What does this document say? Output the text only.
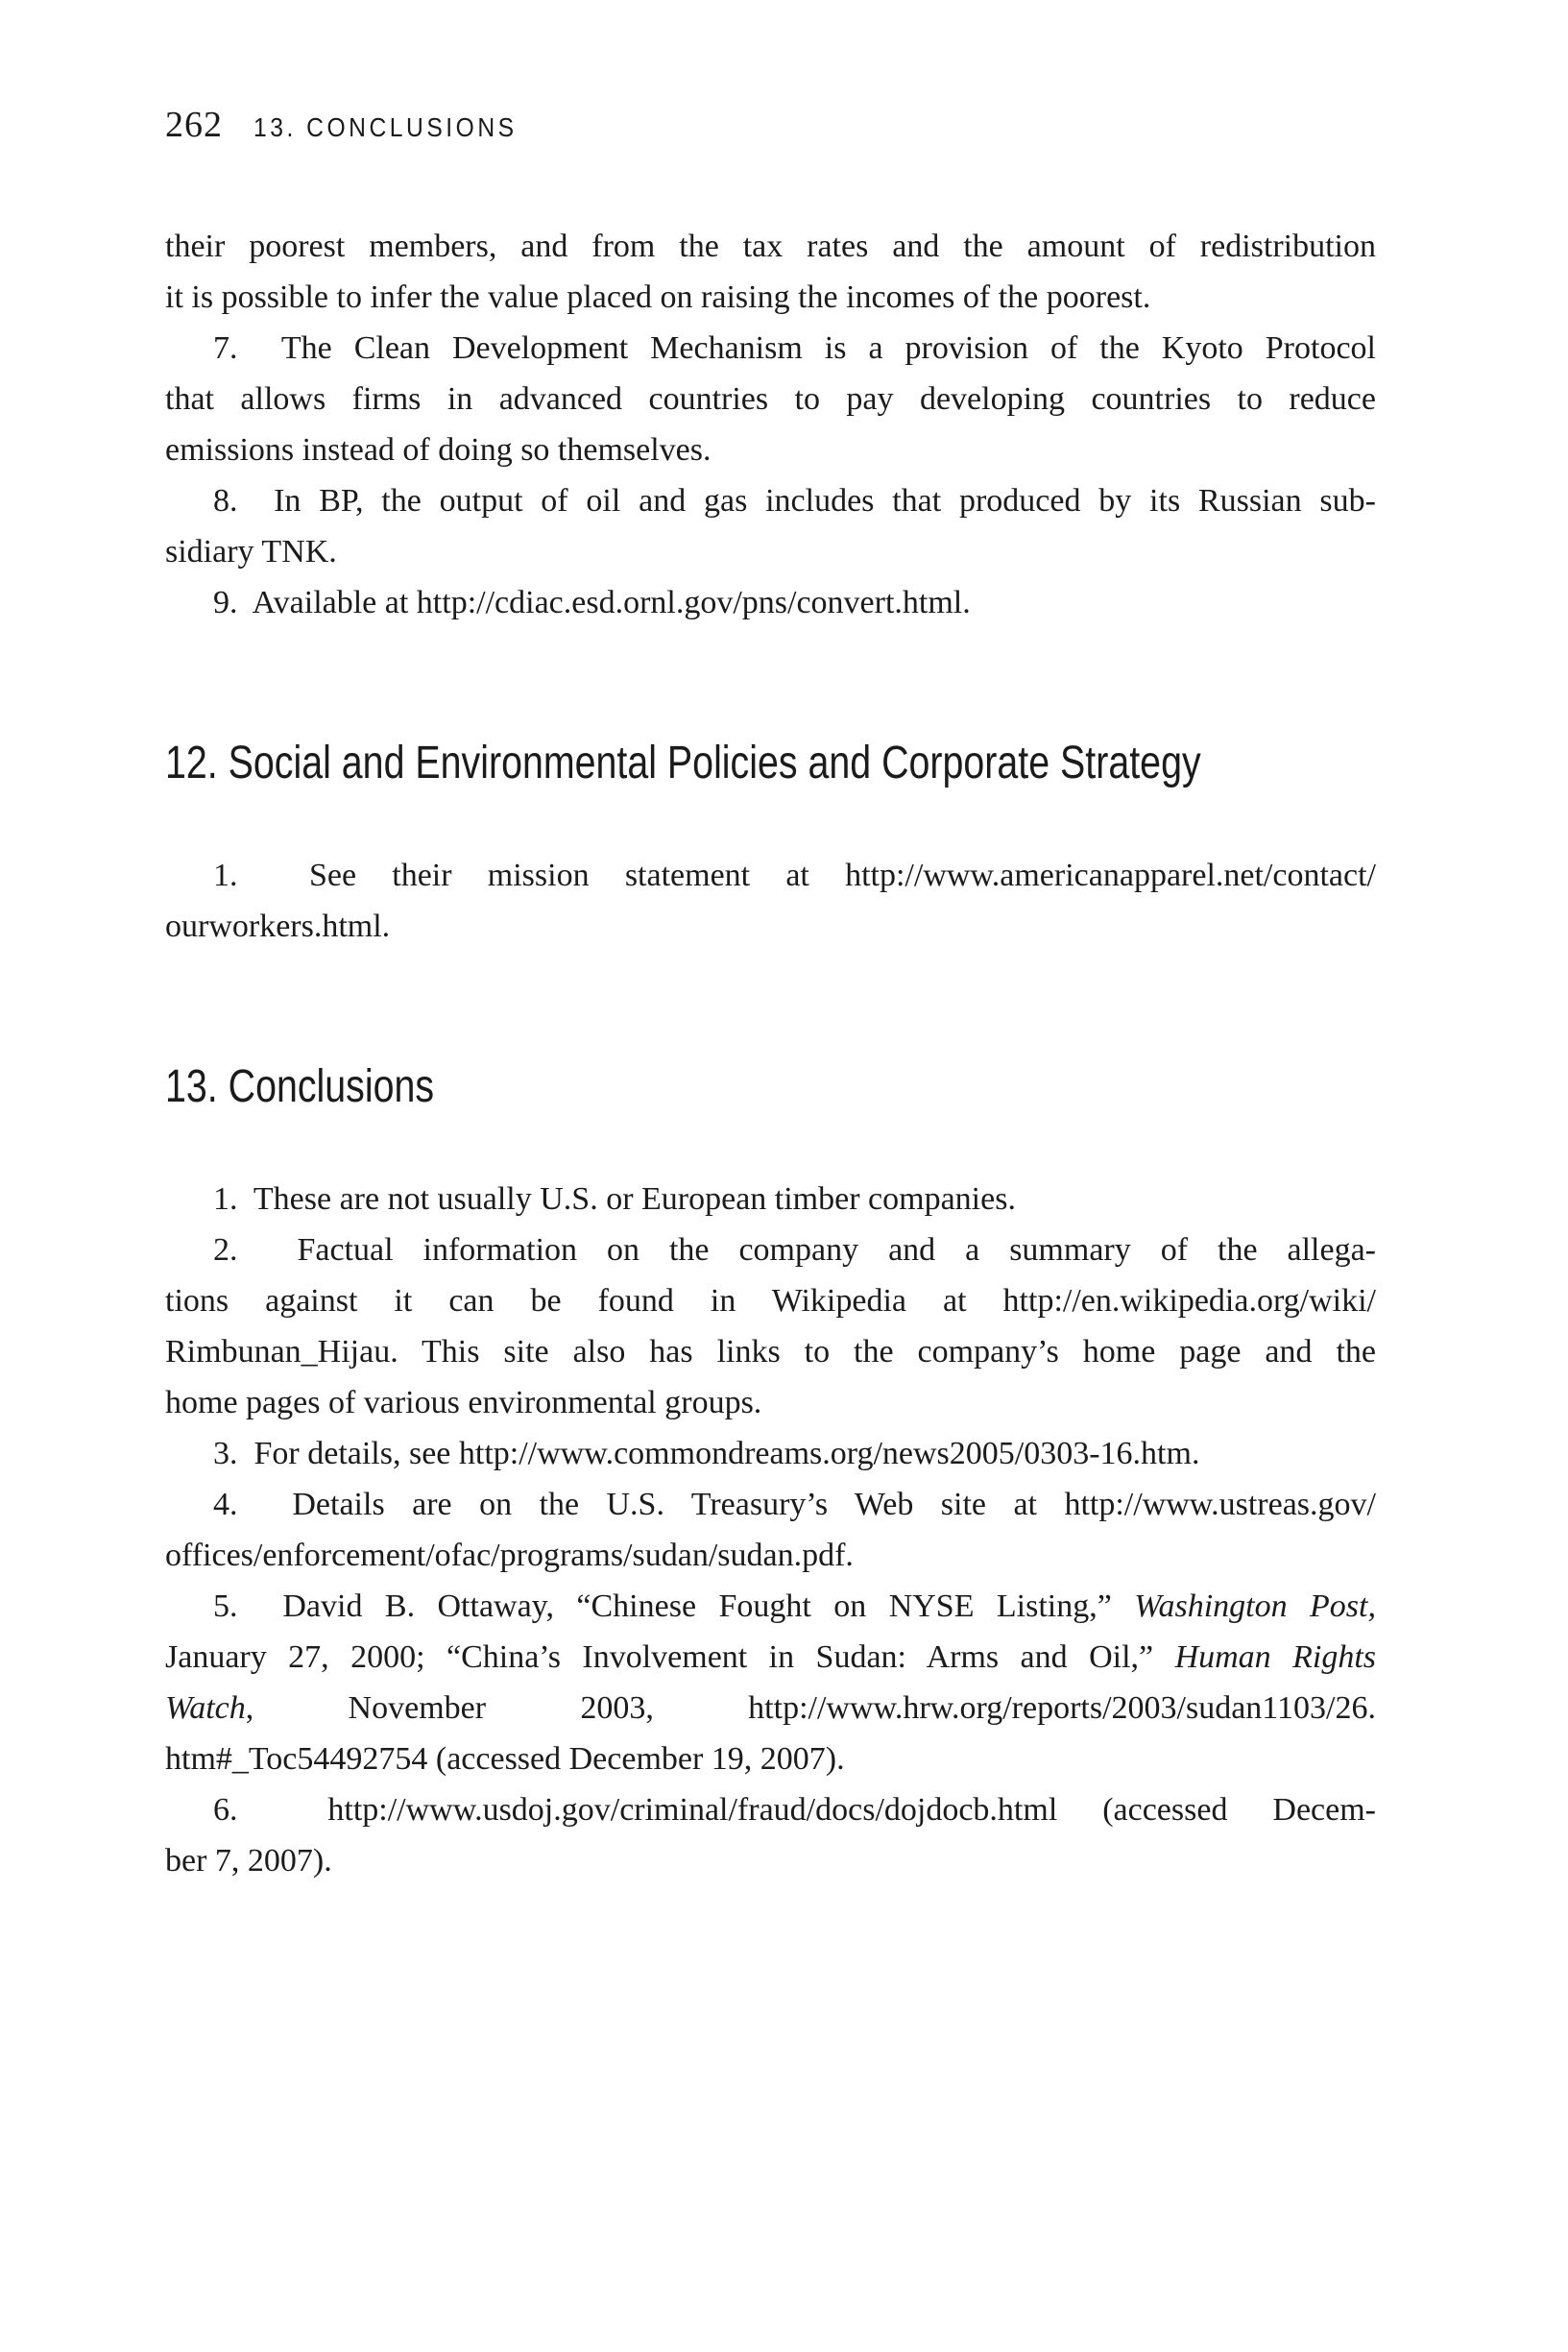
262 13. CONCLUSIONS
their poorest members, and from the tax rates and the amount of redistribution
it is possible to infer the value placed on raising the incomes of the poorest.
7.  The Clean Development Mechanism is a provision of the Kyoto Protocol
that allows firms in advanced countries to pay developing countries to reduce
emissions instead of doing so themselves.
8.  In BP, the output of oil and gas includes that produced by its Russian sub-
sidiary TNK.
9.  Available at http://cdiac.esd.ornl.gov/pns/convert.html.
12. Social and Environmental Policies and Corporate Strategy
1.  See their mission statement at http://www.americanapparel.net/contact/
ourworkers.html.
13. Conclusions
1.  These are not usually U.S. or European timber companies.
2.  Factual information on the company and a summary of the allega-
tions against it can be found in Wikipedia at http://en.wikipedia.org/wiki/
Rimbunan_Hijau. This site also has links to the company’s home page and the
home pages of various environmental groups.
3.  For details, see http://www.commondreams.org/news2005/0303-16.htm.
4.  Details are on the U.S. Treasury’s Web site at http://www.ustreas.gov/
offices/enforcement/ofac/programs/sudan/sudan.pdf.
5.  David B. Ottaway, “Chinese Fought on NYSE Listing,” Washington Post,
January 27, 2000; “China’s Involvement in Sudan: Arms and Oil,” Human Rights
Watch, November 2003, http://www.hrw.org/reports/2003/sudan1103/26.
htm#_Toc54492754 (accessed December 19, 2007).
6.  http://www.usdoj.gov/criminal/fraud/docs/dojdocb.html (accessed Decem-
ber 7, 2007).
